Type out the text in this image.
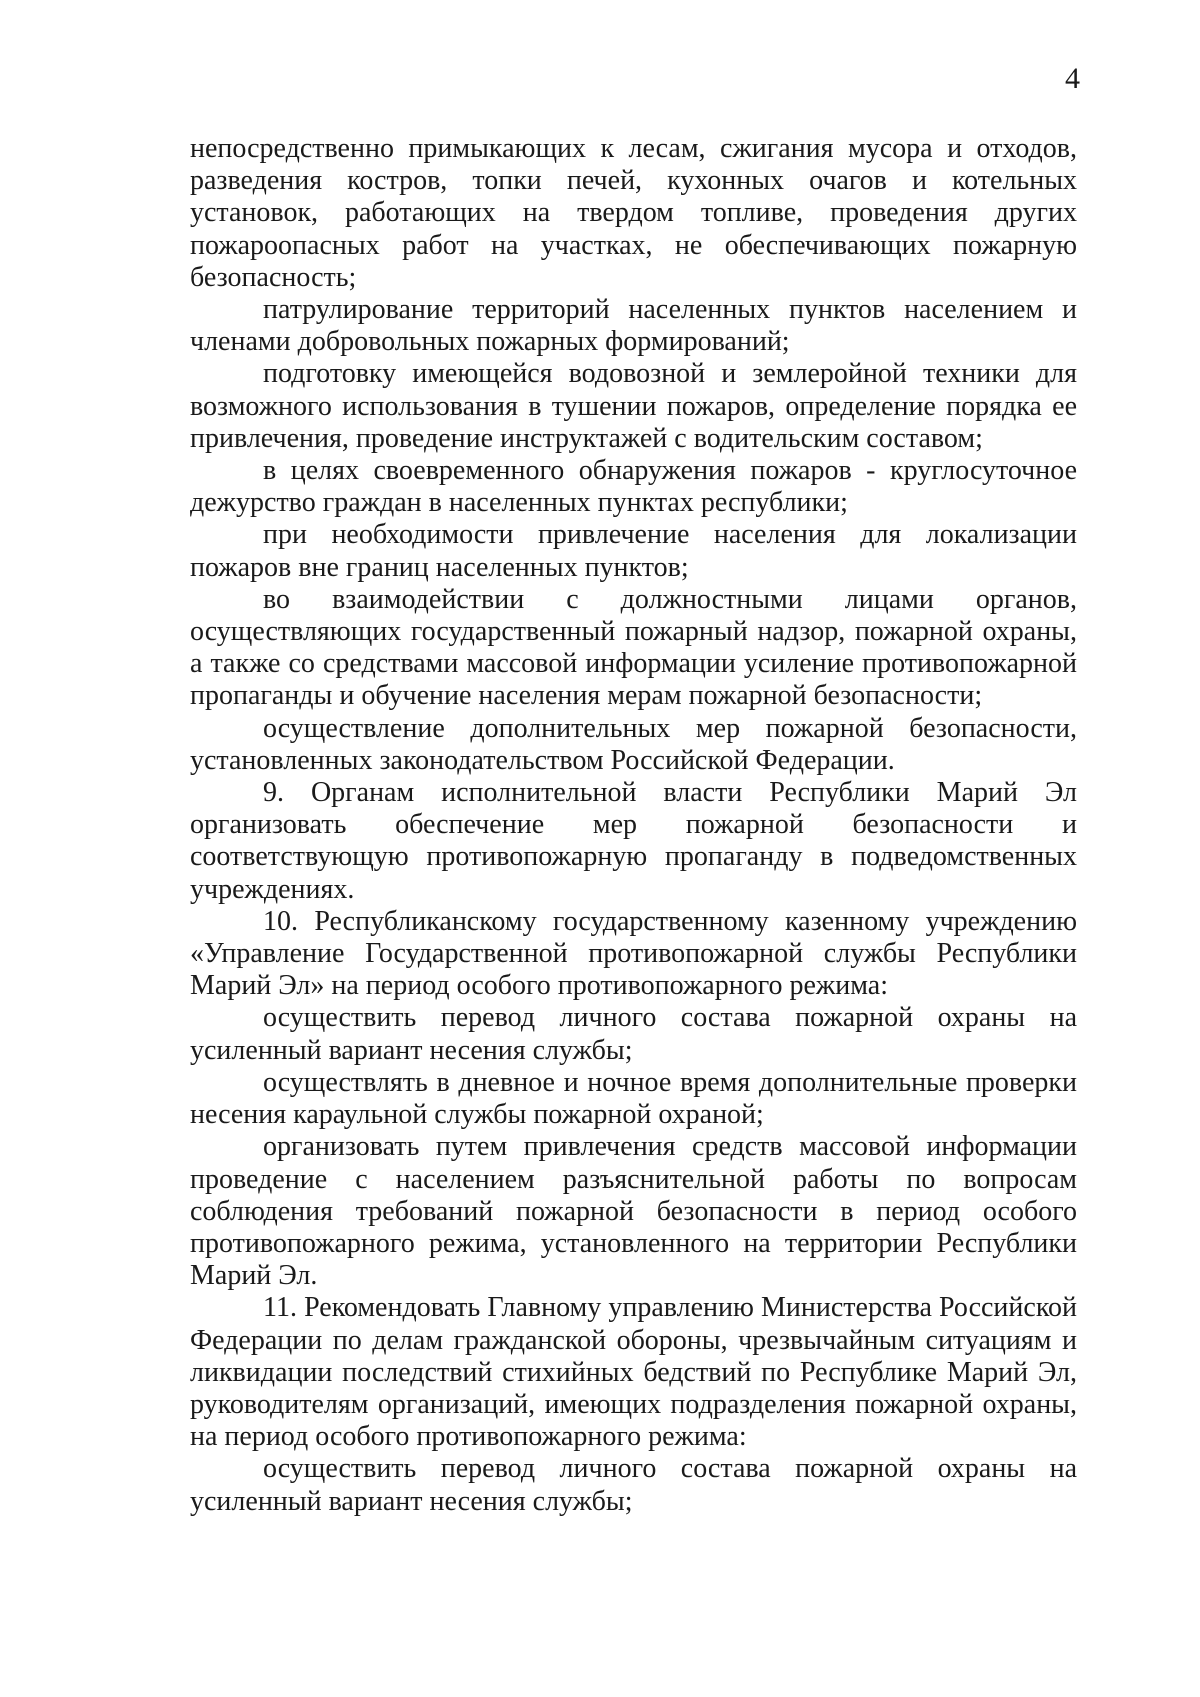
4

непосредственно примыкающих к лесам, сжигания мусора и отходов, разведения костров, топки печей, кухонных очагов и котельных установок, работающих на твердом топливе, проведения других пожароопасных работ на участках, не обеспечивающих пожарную безопасность;

патрулирование территорий населенных пунктов населением и членами добровольных пожарных формирований;

подготовку имеющейся водовозной и землеройной техники для возможного использования в тушении пожаров, определение порядка ее привлечения, проведение инструктажей с водительским составом;

в целях своевременного обнаружения пожаров - круглосуточное дежурство граждан в населенных пунктах республики;

при необходимости привлечение населения для локализации пожаров вне границ населенных пунктов;

во взаимодействии с должностными лицами органов, осуществляющих государственный пожарный надзор, пожарной охраны, а также со средствами массовой информации усиление противопожарной пропаганды и обучение населения мерам пожарной безопасности;

осуществление дополнительных мер пожарной безопасности, установленных законодательством Российской Федерации.

9. Органам исполнительной власти Республики Марий Эл организовать обеспечение мер пожарной безопасности и соответствующую противопожарную пропаганду в подведомственных учреждениях.

10. Республиканскому государственному казенному учреждению «Управление Государственной противопожарной службы Республики Марий Эл» на период особого противопожарного режима:

осуществить перевод личного состава пожарной охраны на усиленный вариант несения службы;

осуществлять в дневное и ночное время дополнительные проверки несения караульной службы пожарной охраной;

организовать путем привлечения средств массовой информации проведение с населением разъяснительной работы по вопросам соблюдения требований пожарной безопасности в период особого противопожарного режима, установленного на территории Республики Марий Эл.

11. Рекомендовать Главному управлению Министерства Российской Федерации по делам гражданской обороны, чрезвычайным ситуациям и ликвидации последствий стихийных бедствий по Республике Марий Эл, руководителям организаций, имеющих подразделения пожарной охраны, на период особого противопожарного режима:

осуществить перевод личного состава пожарной охраны на усиленный вариант несения службы;
